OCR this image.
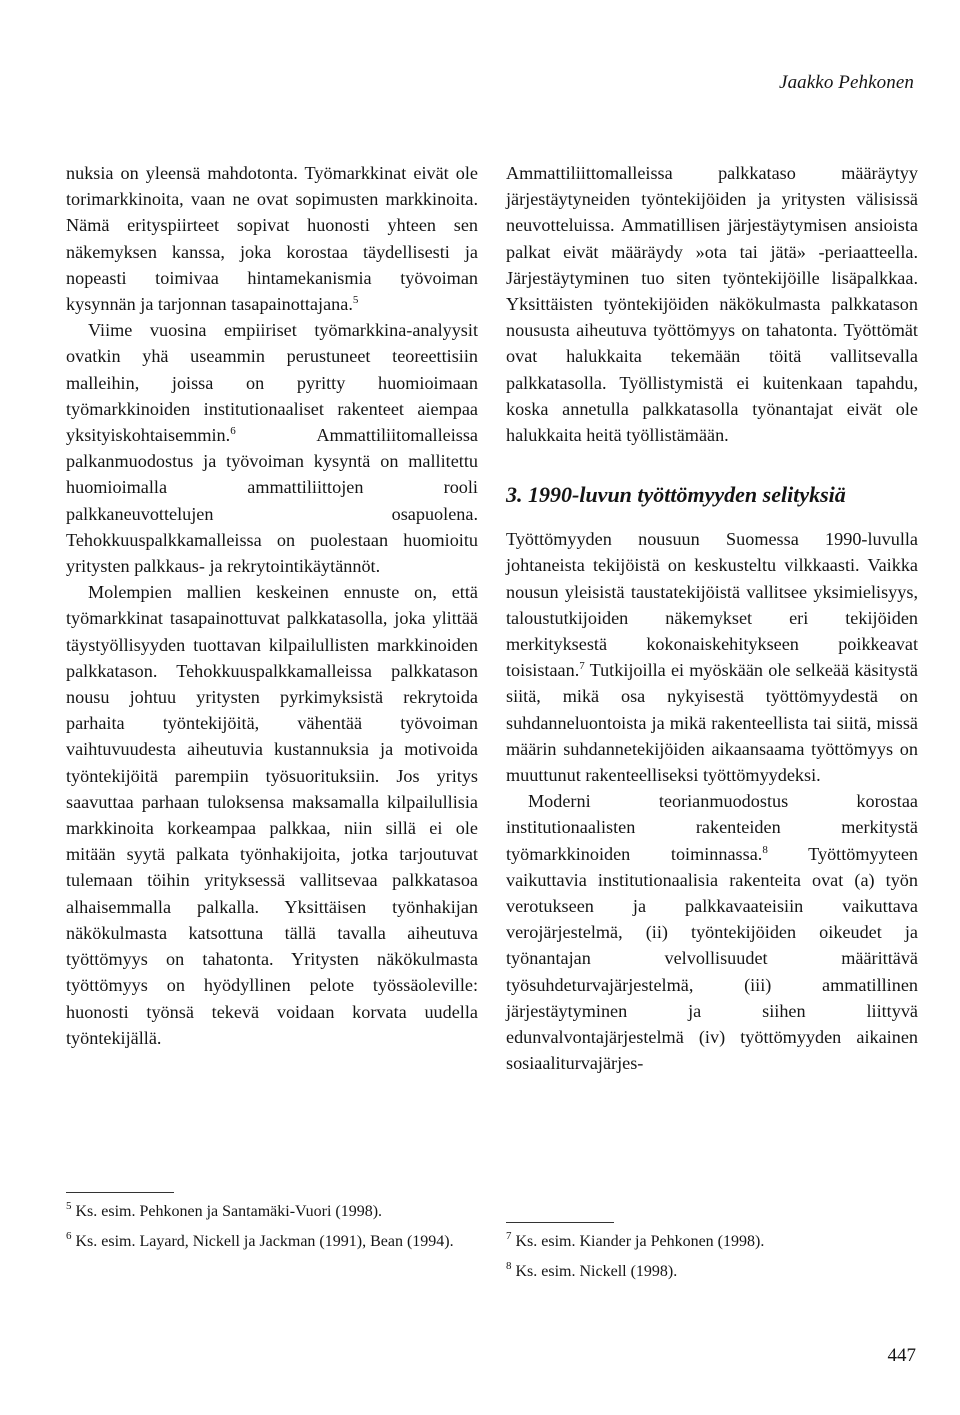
Jaakko Pehkonen

nuksia on yleensä mahdotonta. Työmarkkinat eivät ole torimarkkinoita, vaan ne ovat sopimusten markkinoita. Nämä erityspiirteet sopivat huonosti yhteen sen näkemyksen kanssa, joka korostaa täydellisesti ja nopeasti toimivaa hintamekanismia työvoiman kysynnän ja tarjonnan tasapainottajana.$^5$

Viime vuosina empiiriset työmarkkina-analyysit ovatkin yhä useammin perustuneet teoreettisiin malleihin, joissa on pyritty huomioimaan työmarkkinoiden institutionaaliset rakenteet aiempaa yksityiskohtaisemmin.$^6$	Ammattiliitomalleissa palkanmuodostus ja työvoiman kysyntä on mallitettu huomioimalla ammattiliittojen rooli palkkaneuvottelujen osapuolena. Tehokkuuspalkkamalleissa on puolestaan huomioitu yritysten palkkaus- ja rekrytointikäytännöt.

Molempien mallien keskeinen ennuste on, että työmarkkinat tasapainottuvat palkkatasolla, joka ylittää täystyöllisyyden tuottavan kilpailullisten markkinoiden palkkatason. Tehokkuuspalkkamalleissa palkkatason nousu johtuu yritysten pyrkimyksistä rekrytoida parhaita työntekijöitä, vähentää työvoiman vaihtuvuudesta aiheutuvia kustannuksia ja motivoida työntekijöitä parempiin työsuorituksiin. Jos yritys saavuttaa parhaan tuloksensa maksamalla kilpailullisia markkinoita korkeampaa palkkaa, niin sillä ei ole mitään syytä palkata työnhakijoita, jotka tarjoutuvat tulemaan töihin yrityksessä vallitsevaa palkkatasoa alhaisemmalla palkalla. Yksittäisen työnhakijan näkökulmasta katsottuna tällä tavalla aiheutuva työttömyys on tahatonta. Yritysten näkökulmasta työttömyys on hyödyllinen pelote työssäoleville: huonosti työnsä tekevä voidaan korvata uudella työntekijällä.

Ammattiliittomalleissa palkkataso määräytyy järjestäytyneiden työntekijöiden ja yritysten välisissä neuvotteluissa. Ammatillisen järjestäytymisen ansioista palkat eivät määräydy »ota tai jätä» -periaatteella. Järjestäytyminen tuo siten työntekijöille lisäpalkkaa. Yksittäisten työntekijöiden näkökulmasta palkkatason noususta aiheutuva työttömyys on tahatonta. Työttömät ovat halukkaita tekemään töitä vallitsevalla palkkatasolla. Työllistymistä ei kuitenkaan tapahdu, koska annetulla palkkatasolla työnantajat eivät ole halukkaita heitä työllistämään.

3. 1990-luvun työttömyyden selityksiä

Työttömyyden nousuun Suomessa 1990-luvulla johtaneista tekijöistä on keskusteltu vilkkaasti. Vaikka nousun yleisistä taustatekijöistä vallitsee yksimielisyys, taloustutkijoiden näkemykset eri tekijöiden merkityksestä kokonaiskehitykseen poikkeavat toisistaan.$^7$ Tutkijoilla ei myöskään ole selkeää käsitystä siitä, mikä osa nykyisestä työttömyydestä on suhdanneluontoista ja mikä rakenteellista tai siitä, missä määrin suhdannetekijöiden aikaansaama työttömyys on muuttunut rakenteelliseksi työttömyydeksi.

Moderni teorianmuodostus korostaa institutionaalisten rakenteiden merkitystä työmarkkinoiden toiminnassa.$^8$ Työttömyyteen vaikuttavia institutionaalisia rakenteita ovat (a) työn verotukseen ja palkkavaateisiin vaikuttava verojärjestelmä, (ii) työntekijöiden oikeudet ja työnantajan velvollisuudet määrittävä työsuhdeturvajärjestelmä, (iii) ammatillinen järjestäytyminen ja siihen liittyvä edunvalvontajärjestelmä (iv) työttömyyden aikainen sosiaaliturvajärjes-

$^5$ Ks. esim. Pehkonen ja Santamäki-Vuori (1998).

$^6$ Ks. esim. Layard, Nickell ja Jackman (1991), Bean (1994).	$^7$ Ks. esim. Kiander ja Pehkonen (1998).

$^8$ Ks. esim. Nickell (1998).

447
